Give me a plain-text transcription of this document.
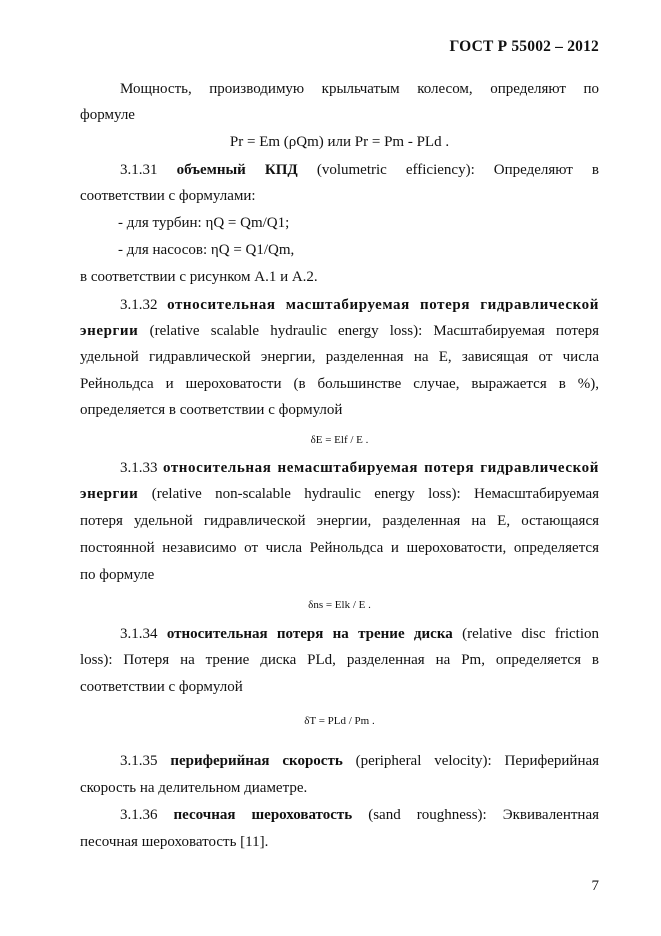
ГОСТ Р 55002 – 2012
Мощность, производимую крыльчатым колесом, определяют по
формуле
Pr = Em (ρQm) или Pr = Pm - PLd .
3.1.31 объемный КПД (volumetric efficiency): Определяют в
соответствии с формулами:
- для турбин: ηQ = Qm/Q1;
- для насосов: ηQ = Q1/Qm,
в соответствии с рисунком А.1 и А.2.
3.1.32 относительная масштабируемая потеря гидравлической
энергии (relative scalable hydraulic energy loss): Масштабируемая потеря
удельной гидравлической энергии, разделенная на E, зависящая от числа
Рейнольдса и шероховатости (в большинстве случае, выражается в %),
определяется в соответствии с формулой
δE = Elf / E .
3.1.33 относительная немасштабируемая потеря гидравлической
энергии (relative non-scalable hydraulic energy loss): Немасштабируемая
потеря удельной гидравлической энергии, разделенная на E, остающаяся
постоянной независимо от числа Рейнольдса и шероховатости, определяется
по формуле
δns = Elk / E .
3.1.34 относительная потеря на трение диска (relative disc friction
loss): Потеря на трение диска PLd, разделенная на Pm, определяется в
соответствии с формулой
δT = PLd / Pm .
3.1.35 периферийная скорость (peripheral velocity): Периферийная
скорость на делительном диаметре.
3.1.36 песочная шероховатость (sand roughness): Эквивалентная
песочная шероховатость [11].
7
